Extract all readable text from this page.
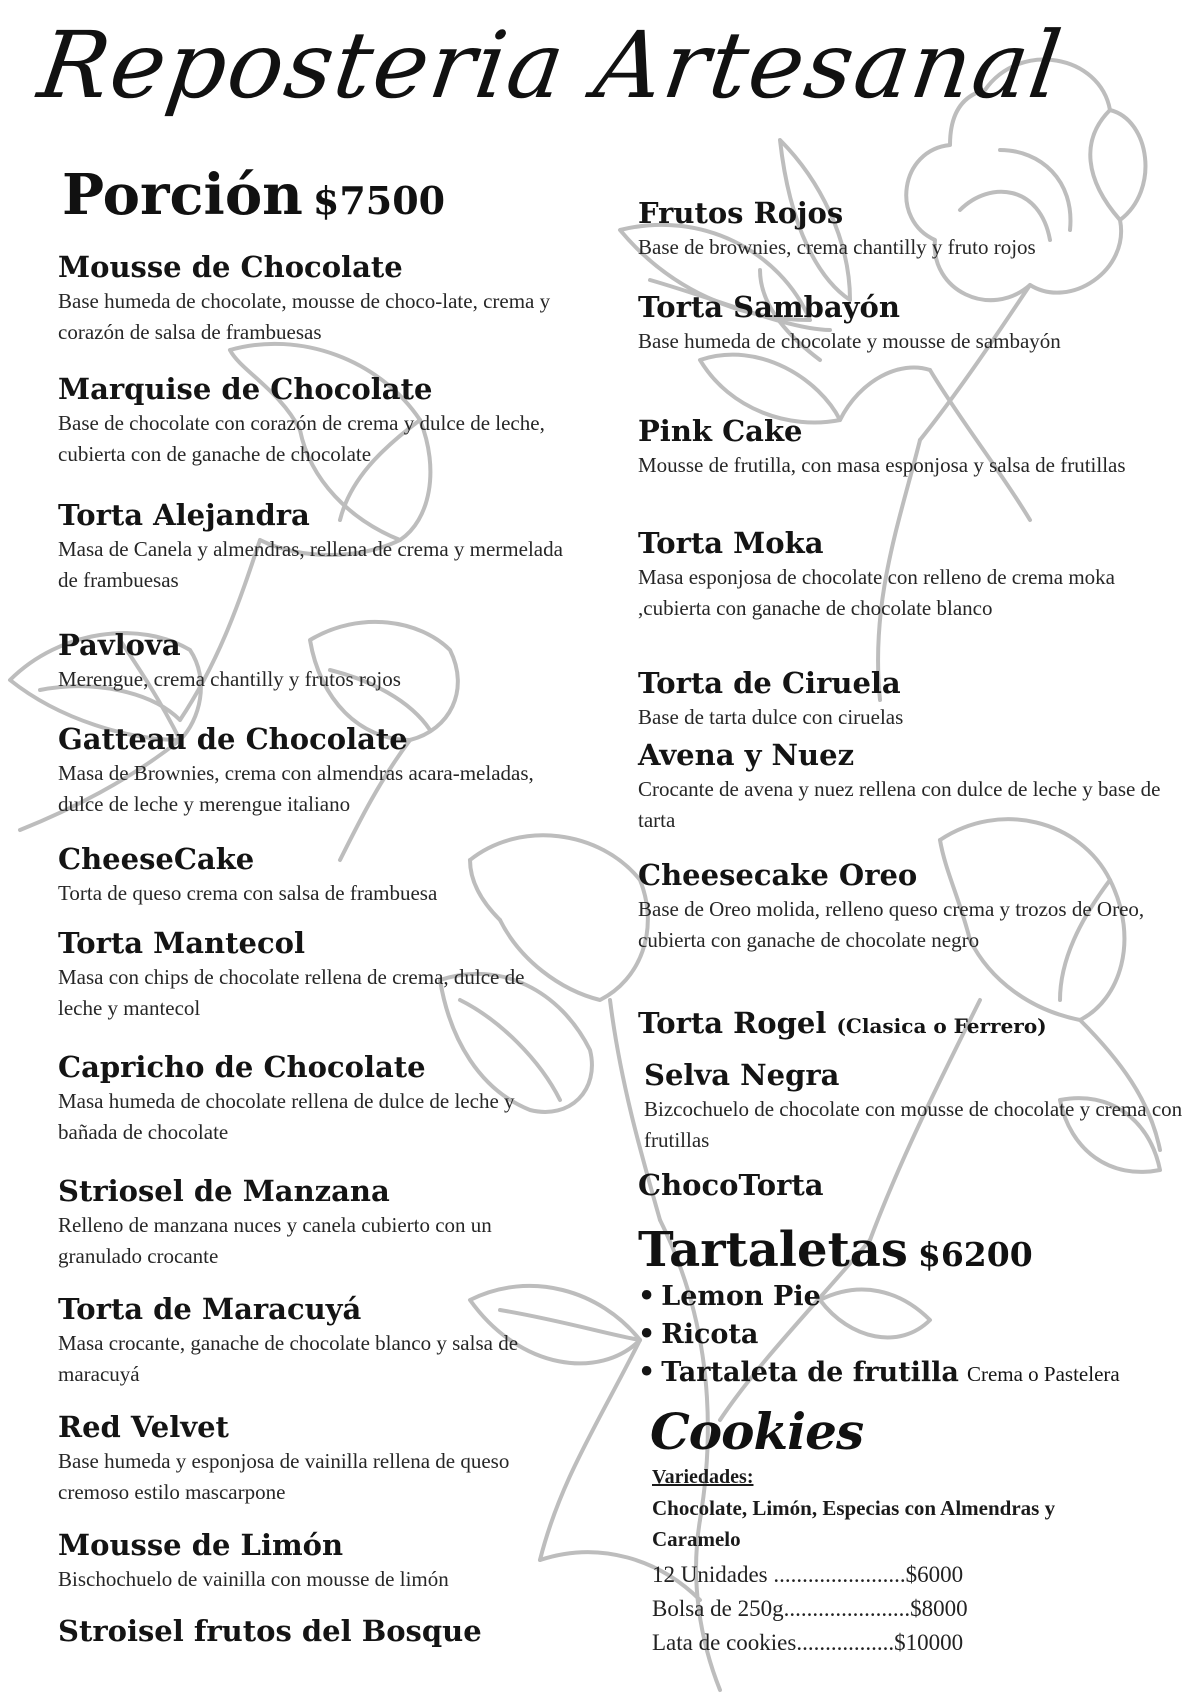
Reposteria Artesanal
Porción $7500
Mousse de Chocolate
Base humeda de chocolate, mousse de choco-late, crema y corazón de salsa de frambuesas
Marquise de Chocolate
Base de chocolate con corazón de crema y dulce de leche, cubierta con de ganache de chocolate
Torta Alejandra
Masa de Canela y almendras, rellena de crema y mermelada de frambuesas
Pavlova
Merengue, crema chantilly y frutos rojos
Gatteau de Chocolate
Masa de Brownies, crema con almendras acara-meladas, dulce de leche y merengue italiano
CheeseCake
Torta de queso crema con salsa de frambuesa
Torta Mantecol
Masa con chips de chocolate rellena de crema, dulce de leche y mantecol
Capricho de Chocolate
Masa humeda de chocolate rellena de dulce de leche y bañada de chocolate
Striosel de Manzana
Relleno de manzana nuces y canela cubierto con un granulado crocante
Torta de Maracuyá
Masa crocante, ganache de chocolate blanco y salsa de maracuyá
Red Velvet
Base humeda y esponjosa de vainilla rellena de queso cremoso estilo mascarpone
Mousse de Limón
Bischochuelo de vainilla con mousse de limón
Stroisel frutos del Bosque
Frutos Rojos
Base de brownies, crema chantilly y fruto rojos
Torta Sambayón
Base humeda de chocolate y mousse de sambayón
Pink Cake
Mousse de frutilla, con masa esponjosa y salsa de frutillas
Torta Moka
Masa esponjosa de chocolate con relleno de crema moka ,cubierta con ganache de chocolate blanco
Torta de Ciruela
Base de tarta dulce con ciruelas
Avena y Nuez
Crocante de avena y nuez rellena con dulce de leche y base de tarta
Cheesecake Oreo
Base de Oreo molida, relleno queso crema y trozos de Oreo, cubierta con ganache de chocolate negro
Torta Rogel (Clasica o Ferrero)
Selva Negra
Bizcochuelo de chocolate con mousse de chocolate y crema con frutillas
ChocoTorta
Tartaletas $6200
• Lemon Pie
• Ricota
• Tartaleta de frutilla Crema o Pastelera
Cookies
Variedades:
Chocolate, Limón, Especias con Almendras y Caramelo
12 Unidades .......................$6000
Bolsa de 250g......................$8000
Lata de cookies.................$10000
